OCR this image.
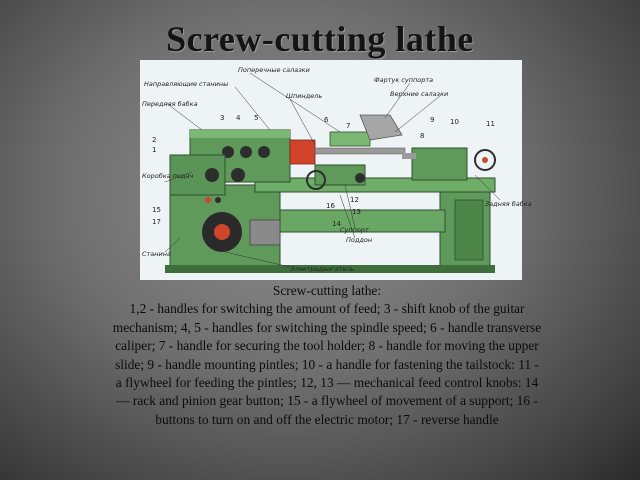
Screw-cutting lathe
Поперечные салазки
Направляющие станины
Шпиндель
Передняя бабка
Фартук суппорта
Верхние салазки
Коробка подач
Задняя бабка
Суппорт
Поддон
Станина
Электродвигатель
2
1
3 4 5	6
7
8
9 10	11
12
13
14
15	16
17
Screw-cutting lathe:
1,2 - handles for switching the amount of feed; 3 - shift knob of the guitar mechanism; 4, 5 - handles for switching the spindle speed; 6 - handle transverse caliper; 7 - handle for securing the tool holder; 8 - handle for moving the upper slide; 9 - handle mounting pintles; 10 - a handle for fastening the tailstock: 11 - a flywheel for feeding the pintles; 12, 13 — mechanical feed control knobs: 14 — rack and pinion gear button; 15 - a flywheel of movement of a support; 16 - buttons to turn on and off the electric motor; 17 - reverse handle
